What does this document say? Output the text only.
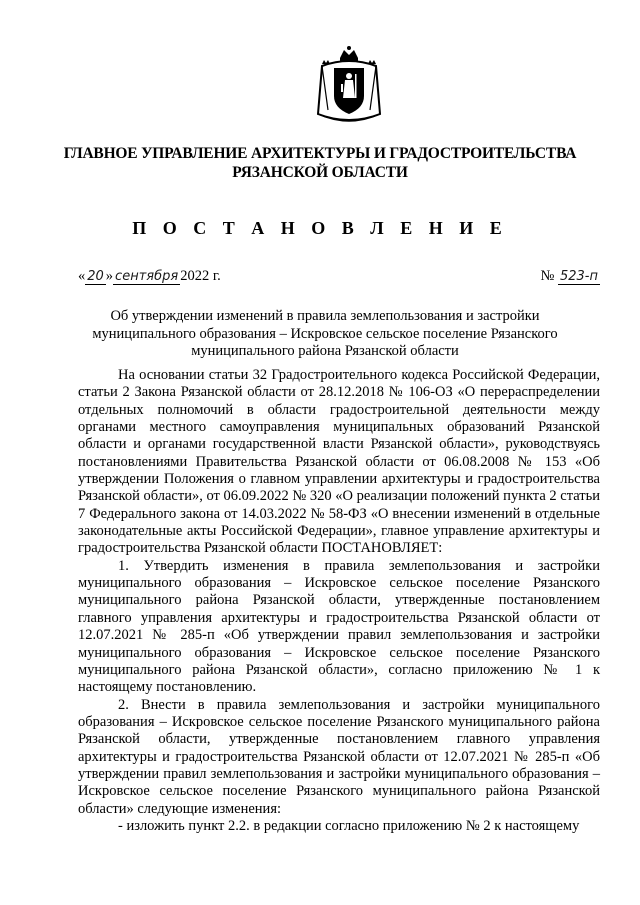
ГЛАВНОЕ УПРАВЛЕНИЕ АРХИТЕКТУРЫ И ГРАДОСТРОИТЕЛЬСТВА
РЯЗАНСКОЙ ОБЛАСТИ
П О С Т А Н О В Л Е Н И Е
« 20 » сентября 2022 г.	№ 523-п
Об утверждении изменений в правила землепользования и застройки
муниципального образования – Искровское сельское поселение Рязанского
муниципального района Рязанской области

На основании статьи 32 Градостроительного кодекса Российской Федерации, статьи 2 Закона Рязанской области от 28.12.2018 № 106-ОЗ «О перераспределении отдельных полномочий в области градостроительной деятельности между органами местного самоуправления муниципальных образований Рязанской области и органами государственной власти Рязанской области», руководствуясь постановлениями Правительства Рязанской области от 06.08.2008 № 153 «Об утверждении Положения о главном управлении архитектуры и градостроительства Рязанской области», от 06.09.2022 № 320 «О реализации положений пункта 2 статьи 7 Федерального закона от 14.03.2022 № 58-ФЗ «О внесении изменений в отдельные законодательные акты Российской Федерации», главное управление архитектуры и градостроительства Рязанской области ПОСТАНОВЛЯЕТ:

1. Утвердить изменения в правила землепользования и застройки муниципального образования – Искровское сельское поселение Рязанского муниципального района Рязанской области, утвержденные постановлением главного управления архитектуры и градостроительства Рязанской области от 12.07.2021 № 285-п «Об утверждении правил землепользования и застройки муниципального образования – Искровское сельское поселение Рязанского муниципального района Рязанской области», согласно приложению № 1 к настоящему постановлению.

2. Внести в правила землепользования и застройки муниципального образования – Искровское сельское поселение Рязанского муниципального района Рязанской области, утвержденные постановлением главного управления архитектуры и градостроительства Рязанской области от 12.07.2021 № 285-п «Об утверждении правил землепользования и застройки муниципального образования – Искровское сельское поселение Рязанского муниципального района Рязанской области» следующие изменения:

- изложить пункт 2.2. в редакции согласно приложению № 2 к настоящему
